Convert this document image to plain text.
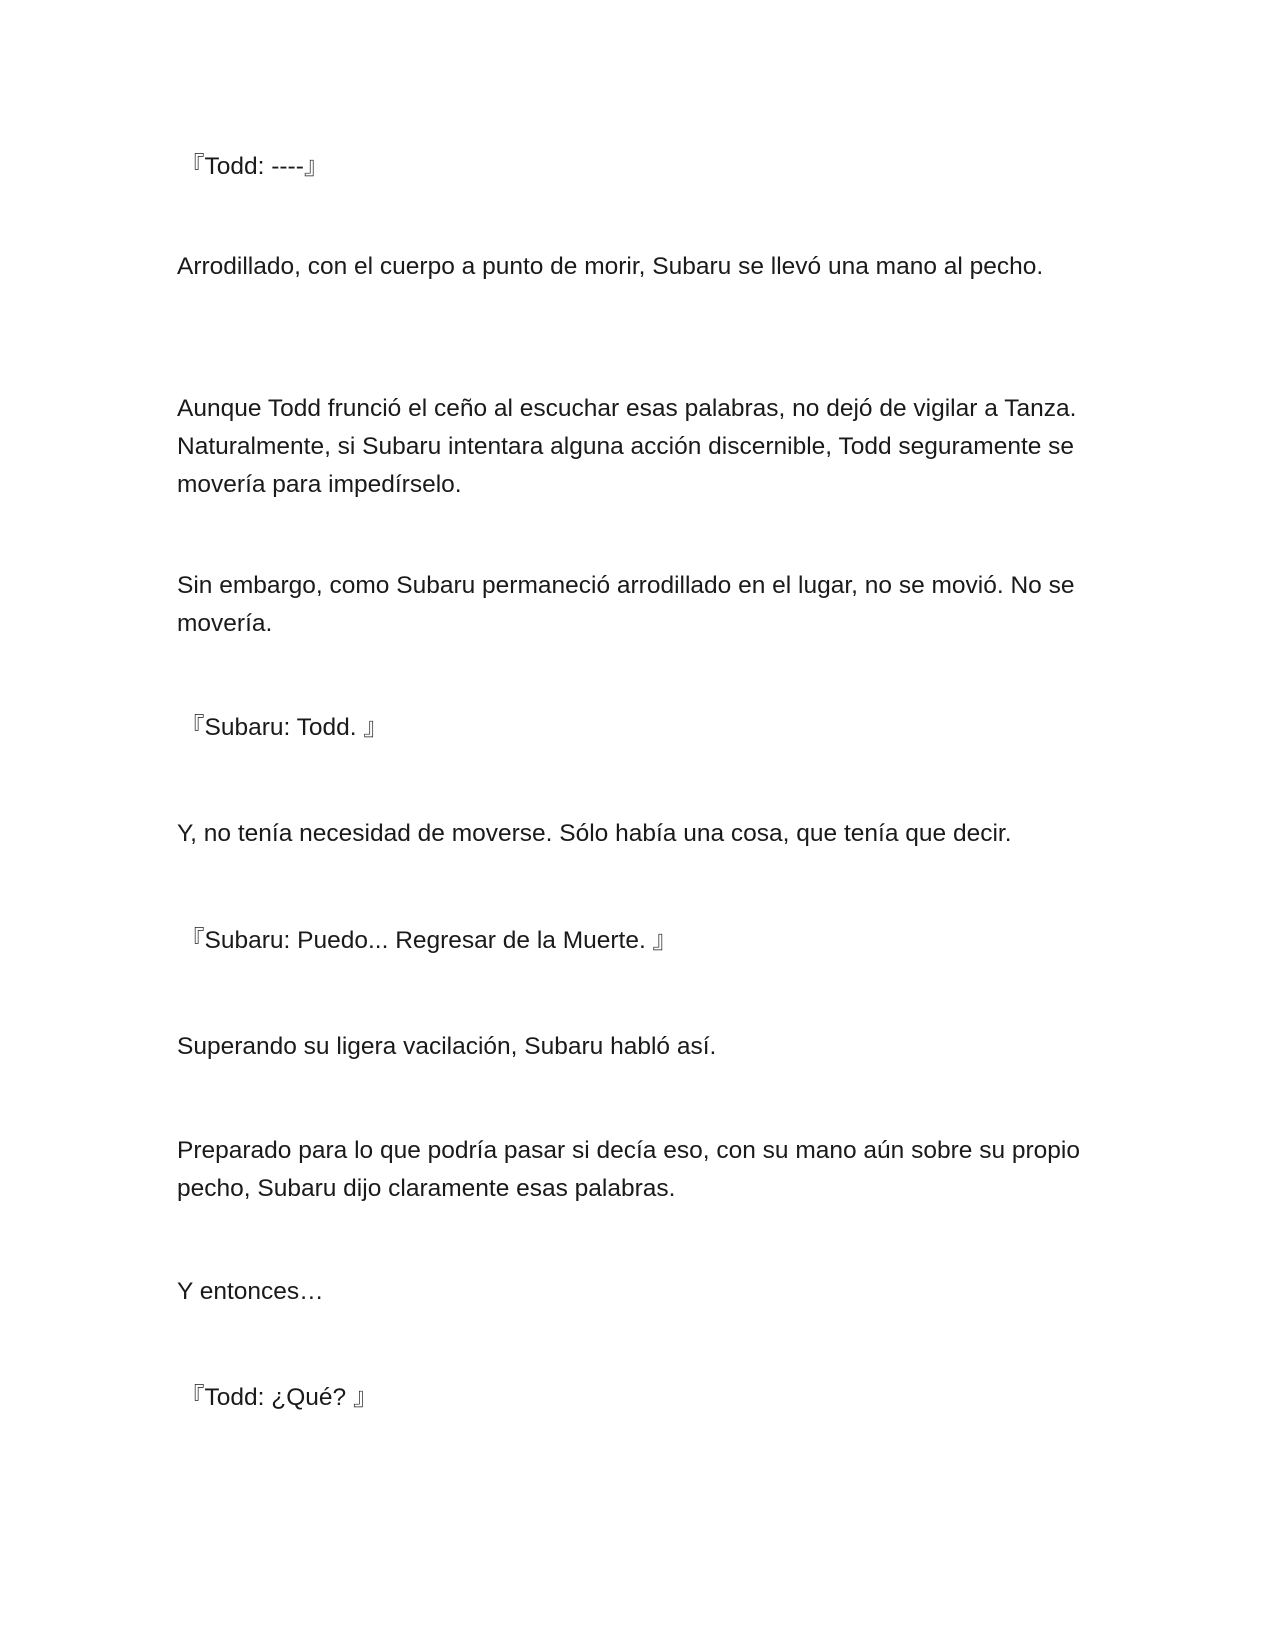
『Todd: ----』

Arrodillado, con el cuerpo a punto de morir, Subaru se llevó una mano al pecho.

Aunque Todd frunció el ceño al escuchar esas palabras, no dejó de vigilar a Tanza. Naturalmente, si Subaru intentara alguna acción discernible, Todd seguramente se movería para impedírselo.

Sin embargo, como Subaru permaneció arrodillado en el lugar, no se movió. No se movería.

『Subaru: Todd. 』

Y, no tenía necesidad de moverse. Sólo había una cosa, que tenía que decir.

『Subaru: Puedo... Regresar de la Muerte. 』

Superando su ligera vacilación, Subaru habló así.

Preparado para lo que podría pasar si decía eso, con su mano aún sobre su propio pecho, Subaru dijo claramente esas palabras.

Y entonces…

『Todd: ¿Qué? 』
